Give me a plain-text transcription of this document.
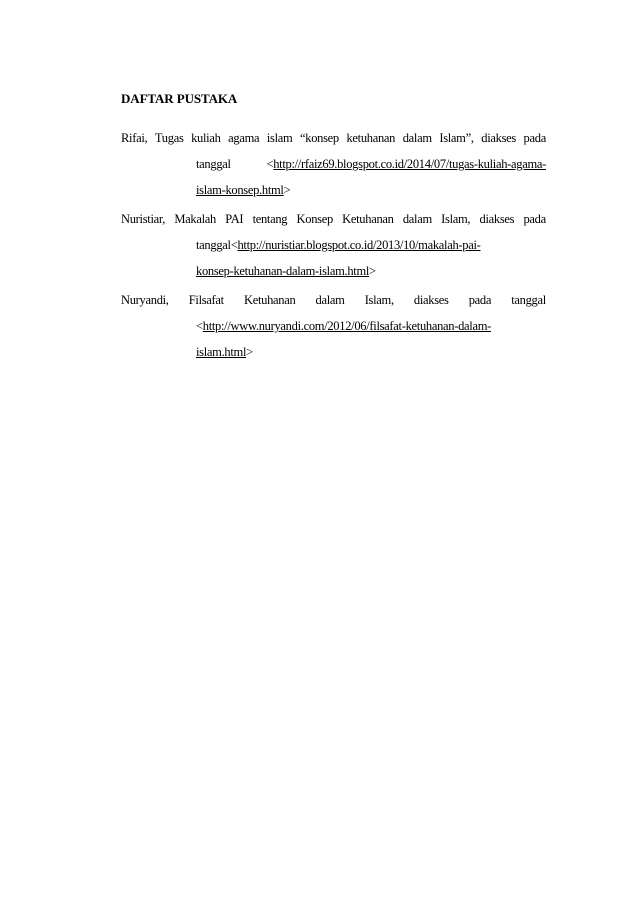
DAFTAR PUSTAKA
Rifai, Tugas kuliah agama islam “konsep ketuhanan dalam Islam”, diakses pada
tanggal	<http://rfaiz69.blogspot.co.id/2014/07/tugas-kuliah-agama-
islam-konsep.html>
Nuristiar, Makalah PAI tentang Konsep Ketuhanan dalam Islam, diakses pada
tanggal<http://nuristiar.blogspot.co.id/2013/10/makalah-pai-
konsep-ketuhanan-dalam-islam.html>
Nuryandi, Filsafat Ketuhanan dalam Islam, diakses pada tanggal
<http://www.nuryandi.com/2012/06/filsafat-ketuhanan-dalam-
islam.html>
